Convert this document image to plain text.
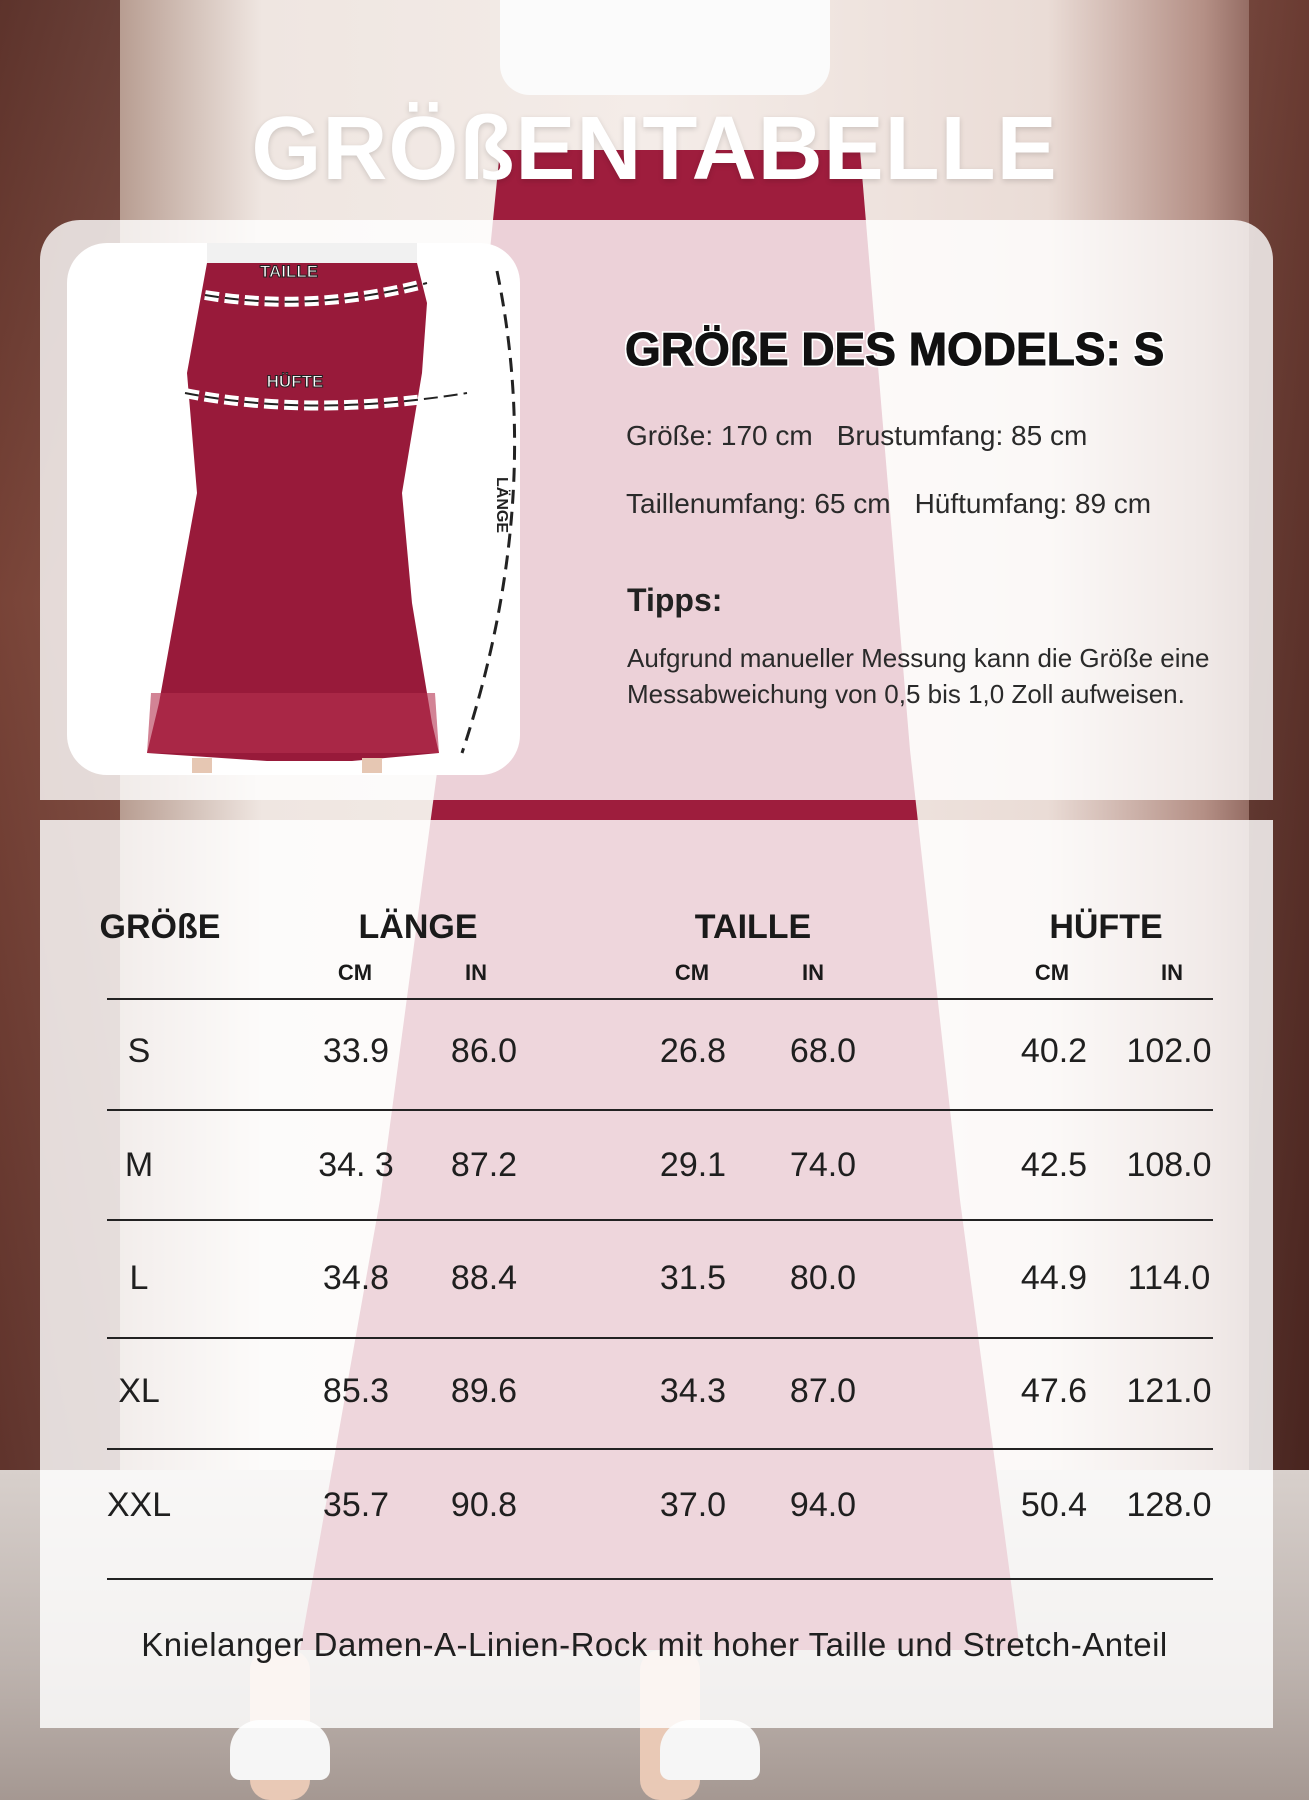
GRÖßENTABELLE
TAILLE
HÜFTE
LÄNGE
GRÖßE DES MODELS: S
Größe: 170 cm Brustumfang: 85 cm
Taillenumfang: 65 cm Hüftumfang: 89 cm
Tipps:

Aufgrund manueller Messung kann die Größe eine Messabweichung von 0,5 bis 1,0 Zoll aufweisen.

GRÖßE	LÄNGE	TAILLE	HÜFTE
CM	IN	CM	IN	CM	IN
S	33.9	86.0	26.8	68.0	40.2	102.0
M	34. 3	87.2	29.1	74.0	42.5	108.0
L	34.8	88.4	31.5	80.0	44.9	114.0
XL	85.3	89.6	34.3	87.0	47.6	121.0
XXL	35.7	90.8	37.0	94.0	50.4	128.0
Knielanger Damen-A-Linien-Rock mit hoher Taille und Stretch-Anteil
